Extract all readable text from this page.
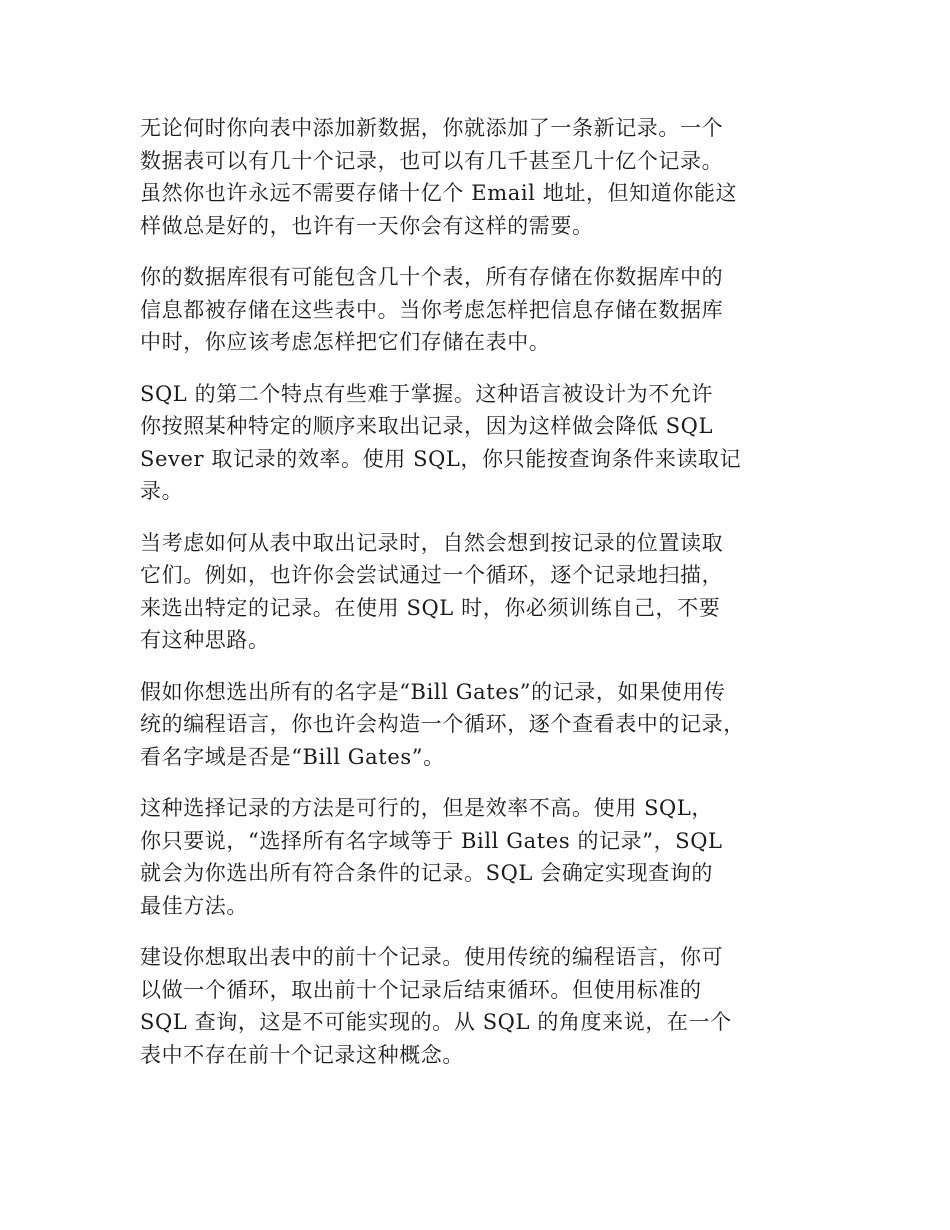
无论何时你向表中添加新数据，你就添加了一条新记录。一个
数据表可以有几十个记录，也可以有几千甚至几十亿个记录。
虽然你也许永远不需要存储十亿个 Email 地址，但知道你能这
样做总是好的，也许有一天你会有这样的需要。

你的数据库很有可能包含几十个表，所有存储在你数据库中的
信息都被存储在这些表中。当你考虑怎样把信息存储在数据库
中时，你应该考虑怎样把它们存储在表中。

SQL 的第二个特点有些难于掌握。这种语言被设计为不允许
你按照某种特定的顺序来取出记录，因为这样做会降低 SQL
Sever 取记录的效率。使用 SQL，你只能按查询条件来读取记
录。

当考虑如何从表中取出记录时，自然会想到按记录的位置读取
它们。例如，也许你会尝试通过一个循环，逐个记录地扫描，
来选出特定的记录。在使用 SQL 时，你必须训练自己，不要
有这种思路。

假如你想选出所有的名字是“Bill Gates”的记录，如果使用传
统的编程语言，你也许会构造一个循环，逐个查看表中的记录，
看名字域是否是“Bill Gates”。

这种选择记录的方法是可行的，但是效率不高。使用 SQL，
你只要说，“选择所有名字域等于 Bill Gates 的记录”，SQL
就会为你选出所有符合条件的记录。SQL 会确定实现查询的
最佳方法。

建设你想取出表中的前十个记录。使用传统的编程语言，你可
以做一个循环，取出前十个记录后结束循环。但使用标准的
SQL 查询，这是不可能实现的。从 SQL 的角度来说，在一个
表中不存在前十个记录这种概念。
